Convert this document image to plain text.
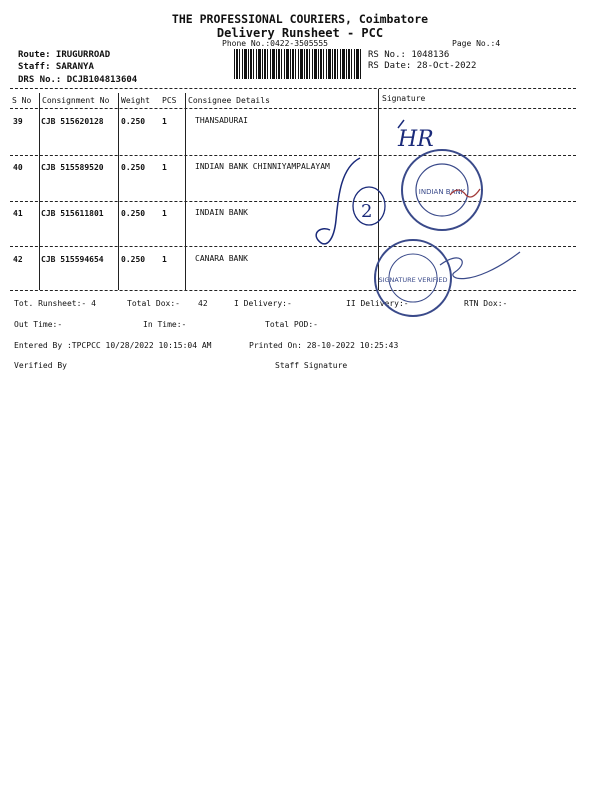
THE PROFESSIONAL COURIERS, Coimbatore
Delivery Runsheet - PCC
Phone No.:0422-3505555	Page No.:4
Route: IRUGURROAD
Staff: SARANYA
DRS No.: DCJB104813604
RS No.: 1048136
RS Date: 28-Oct-2022
S No Consignment No Weight PCS Consignee Details	Signature
39 CJB 515620128 0.250 1	THANSADURAI
40 CJB 515589520 0.250 1	INDIAN BANK CHINNIYAMPALAYAM
41 CJB 515611801 0.250 1	INDAIN BANK
42 CJB 515594654 0.250 1	CANARA BANK
Tot. Runsheet:- 4	Total Dox:- 42	I Delivery:-	II Delivery:-	RTN Dox:-
Out Time:-	In Time:-	Total POD:-
Entered By :TPCPCC 10/28/2022 10:15:04 AM	Printed On: 28-10-2022 10:25:43
Verified By	Staff Signature
HR
2
INDIAN BANK
SIGNATURE VERIFIED
